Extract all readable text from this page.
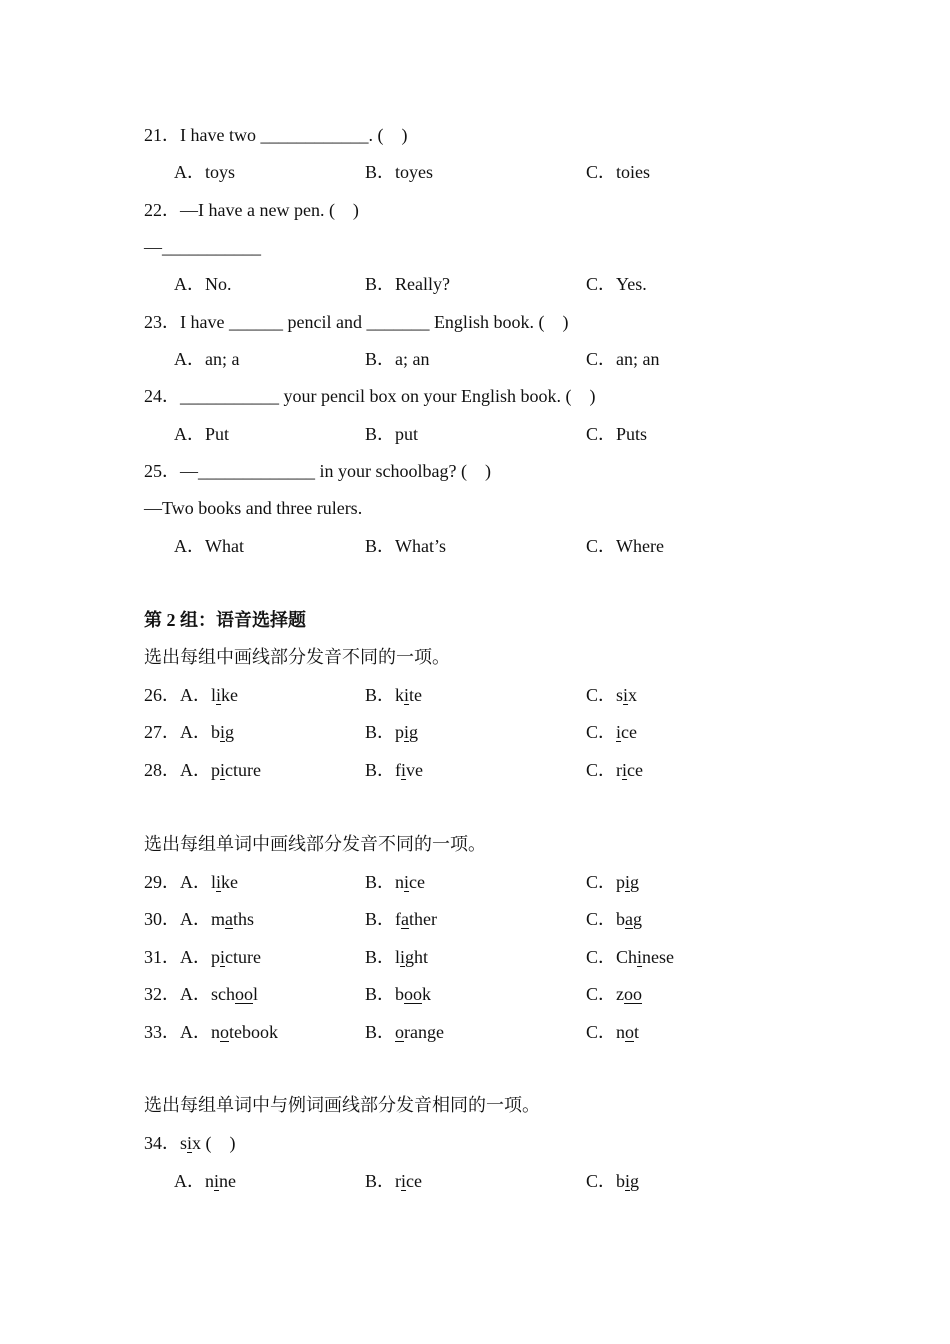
21．I have two ____________. (　)
A．toys	B．toyes	C．toies
22．—I have a new pen. (　)
—___________
A．No.	B．Really?	C．Yes.
23．I have ______ pencil and _______ English book. (　)
A．an; a	B．a; an	C．an; an
24．___________ your pencil box on your English book. (　)
A．Put	B．put	C．Puts
25．—_____________ in your schoolbag? (　)
—Two books and three rulers.
A．What	B．What’s	C．Where
第 2 组：语音选择题
选出每组中画线部分发音不同的一项。
26．A．like	B．kite	C．six
27．A．big	B．pig	C．ice
28．A．picture	B．five	C．rice
29．A．like	B．nice	C．pig
30．A．maths	B．father	C．bag
31．A．picture	B．light	C．Chinese
32．A．school	B．book	C．zoo
33．A．notebook	B．orange	C．not
选出每组单词中画线部分发音不同的一项。
选出每组单词中与例词画线部分发音相同的一项。
34．six (　)
A．nine	B．rice	C．big
